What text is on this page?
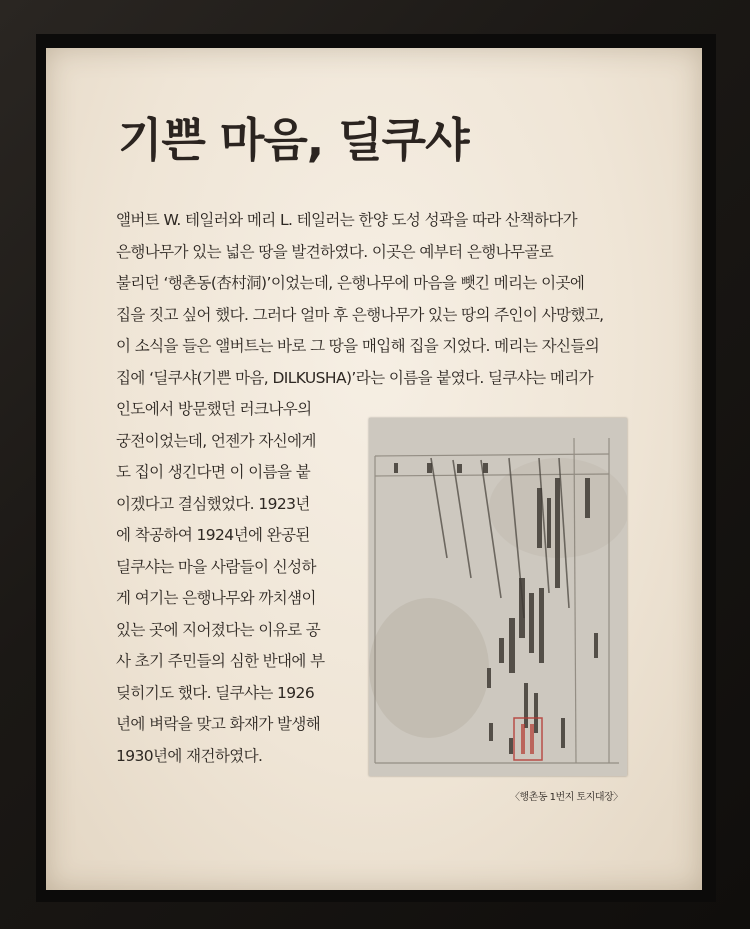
기쁜 마음, 딜쿠샤
앨버트 W. 테일러와 메리 L. 테일러는 한양 도성 성곽을 따라 산책하다가
은행나무가 있는 넓은 땅을 발견하였다. 이곳은 예부터 은행나무골로
불리던 ‘행촌동(杏村洞)’이었는데, 은행나무에 마음을 뺏긴 메리는 이곳에
집을 짓고 싶어 했다. 그러다 얼마 후 은행나무가 있는 땅의 주인이 사망했고,
이 소식을 들은 앨버트는 바로 그 땅을 매입해 집을 지었다. 메리는 자신들의
집에 ‘딜쿠샤(기쁜 마음, DILKUSHA)’라는 이름을 붙였다. 딜쿠샤는 메리가
인도에서 방문했던 러크나우의
궁전이었는데, 언젠가 자신에게
도 집이 생긴다면 이 이름을 붙
이겠다고 결심했었다. 1923년
에 착공하여 1924년에 완공된
딜쿠샤는 마을 사람들이 신성하
게 여기는 은행나무와 까치섐이
있는 곳에 지어졌다는 이유로 공
사 초기 주민들의 심한 반대에 부
딪히기도 했다. 딜쿠샤는 1926
년에 벼락을 맞고 화재가 발생해
1930년에 재건하였다.
〈행촌동 1번지 토지대장〉
